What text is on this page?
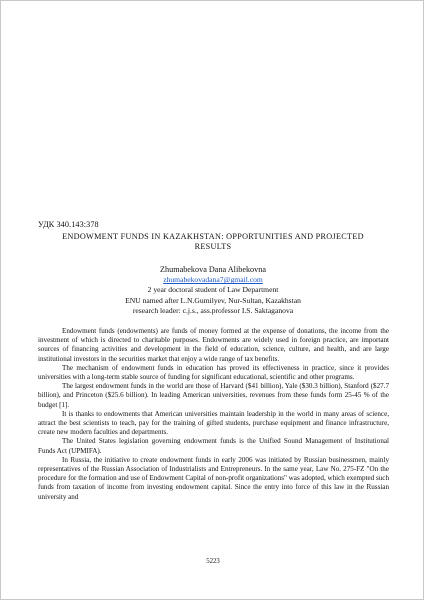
УДК 340.143:378
ENDOWMENT FUNDS IN KAZAKHSTAN: OPPORTUNITIES AND PROJECTED
RESULTS
Zhumabekova Dana Alibekovna
zhumabekovadana7@gmail.com
2 year doctoral student of Law Department
ENU named after L.N.Gumilyev, Nur-Sultan, Kazakhstan
research leader: c.j.s., ass.professor I.S. Saktaganova

Endowment funds (endowments) are funds of money formed at the expense of donations, the income from the investment of which is directed to charitable purposes. Endowments are widely used in foreign practice, are important sources of financing activities and development in the field of education, science, culture, and health, and are large institutional investors in the securities market that enjoy a wide range of tax benefits.

The mechanism of endowment funds in education has proved its effectiveness in practice, since it provides universities with a long-term stable source of funding for significant educational, scientific and other programs.

The largest endowment funds in the world are those of Harvard ($41 billion), Yale ($30.3 billion), Stanford ($27.7 billion), and Princeton ($25.6 billion). In leading American universities, revenues from these funds form 25-45 % of the budget [1].

It is thanks to endowments that American universities maintain leadership in the world in many areas of science, attract the best scientists to teach, pay for the training of gifted students, purchase equipment and finance infrastructure, create new modern faculties and departments.

The United States legislation governing endowment funds is the Unified Sound Management of Institutional Funds Act (UPMIFA).

In Russia, the initiative to create endowment funds in early 2006 was initiated by Russian businessmen, mainly representatives of the Russian Association of Industrialists and Entrepreneurs. In the same year, Law No. 275-FZ "On the procedure for the formation and use of Endowment Capital of non-profit organizations" was adopted, which exempted such funds from taxation of income from investing endowment capital. Since the entry into force of this law in the Russian university and

5223
